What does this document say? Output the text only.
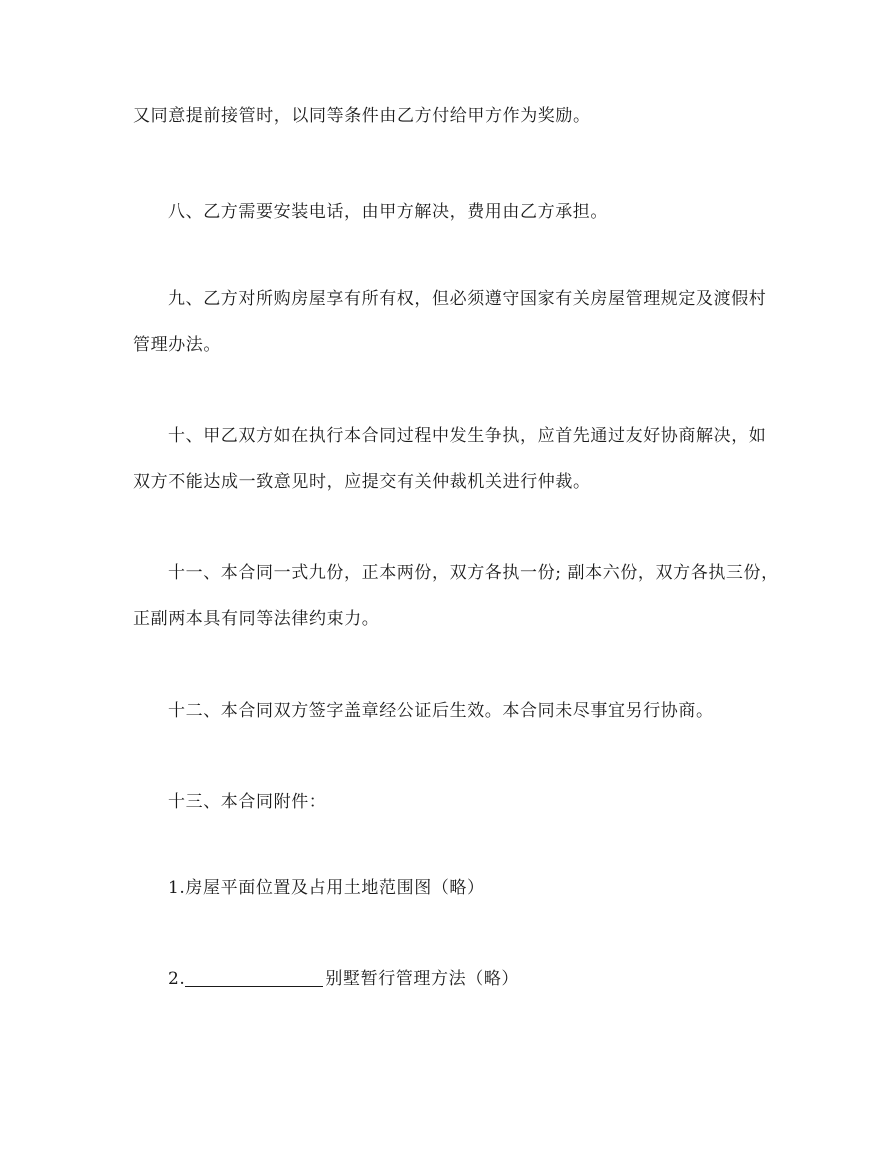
又同意提前接管时，以同等条件由乙方付给甲方作为奖励。
八、乙方需要安装电话，由甲方解决，费用由乙方承担。
九、乙方对所购房屋享有所有权，但必须遵守国家有关房屋管理规定及渡假村
管理办法。
十、甲乙双方如在执行本合同过程中发生争执，应首先通过友好协商解决，如
双方不能达成一致意见时，应提交有关仲裁机关进行仲裁。
十一、本合同一式九份，正本两份，双方各执一份; 副本六份，双方各执三份，
正副两本具有同等法律约束力。
十二、本合同双方签字盖章经公证后生效。本合同未尽事宜另行协商。
十三、本合同附件：
1.房屋平面位置及占用土地范围图（略）
2.	别墅暂行管理方法（略）
